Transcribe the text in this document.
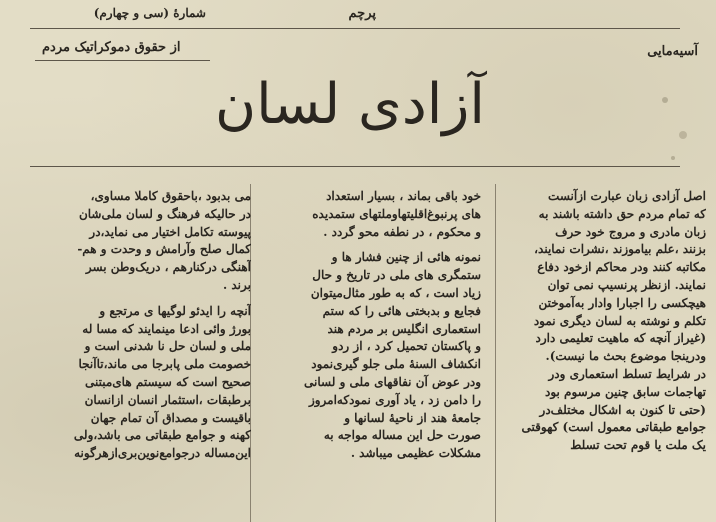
شمارهٔ (سی و چهارم)	پرچم
آسیه‌مایی
از حقوق دموکراتیک مردم
آزادی لسان
اصل آزادی زبان عبارت ازآنست
که تمام مردم حق داشته باشند به
زبان مادری و مروج خود حرف
بزنند ،علم بیاموزند ،نشرات نمایند،
مکاتبه کنند ودر محاکم ازخود دفاع
نمایند. ازنظر پرنسیپ نمی توان
هیچکسی را اجبارا وادار به‌آموختن
تکلم و نوشته به لسان دیگری نمود
(غیراز آنچه که ماهیت تعلیمی دارد
ودرینجا موضوع بحث ما نیست).
در شرایط تسلط استعماری ودر
تهاجمات سابق چنین مرسوم بود
(حتی تا کنون به اشکال مختلف‌در
جوامع طبقاتی معمول است) کهوقتی
یک ملت یا قوم تحت تسلط
خود باقی بماند ، بسیار استعداد
های پرنبوغ‌اقلیتهاوملتهای ستمدیده
و محکوم ، در نطفه محو گردد .
نمونه هائی از چنین فشار ها و
ستمگری های ملی در تاریخ و حال
زیاد است ، که به طور مثال‌میتوان
فجایع و بدبختی هائی را که ستم
استعماری انگلیس بر مردم هند
و پاکستان تحمیل کرد ، از ردو
انکشاف السنهٔ ملی جلو گیری‌نمود
ودر عوض آن نفاقهای ملی و لسانی
را دامن زد ، یاد آوری نمودکه‌امروز
جامعهٔ هند از ناحیهٔ لسانها و
صورت حل این مساله مواجه به
مشکلات عظیمی میباشد .
می بدبود ،باحقوق کاملا مساوی،
در حالیکه فرهنگ و لسان ملی‌شان
پیوسته تکامل اختیار می نماید،در
کمال صلح وآرامش و وحدت و هم-
آهنگی درکنارهم ، دریک‌وطن بسر
برند .
آنچه را ایدئو لوگیها ی مرتجع و
بورژ وائی ادعا مینمایند که مسا له
ملی و لسان حل نا شدنی است و
خصومت ملی پابرجا می ماند،تاآنجا
صحیح است که سیستم های‌مبتنی
برطبقات ،استثمار انسان ازانسان
باقیست و مصداق آن تمام جهان
کهنه و جوامع طبقاتی می باشد،ولی
این‌مساله درجوامع‌نوین‌بری‌ازهرگونه
